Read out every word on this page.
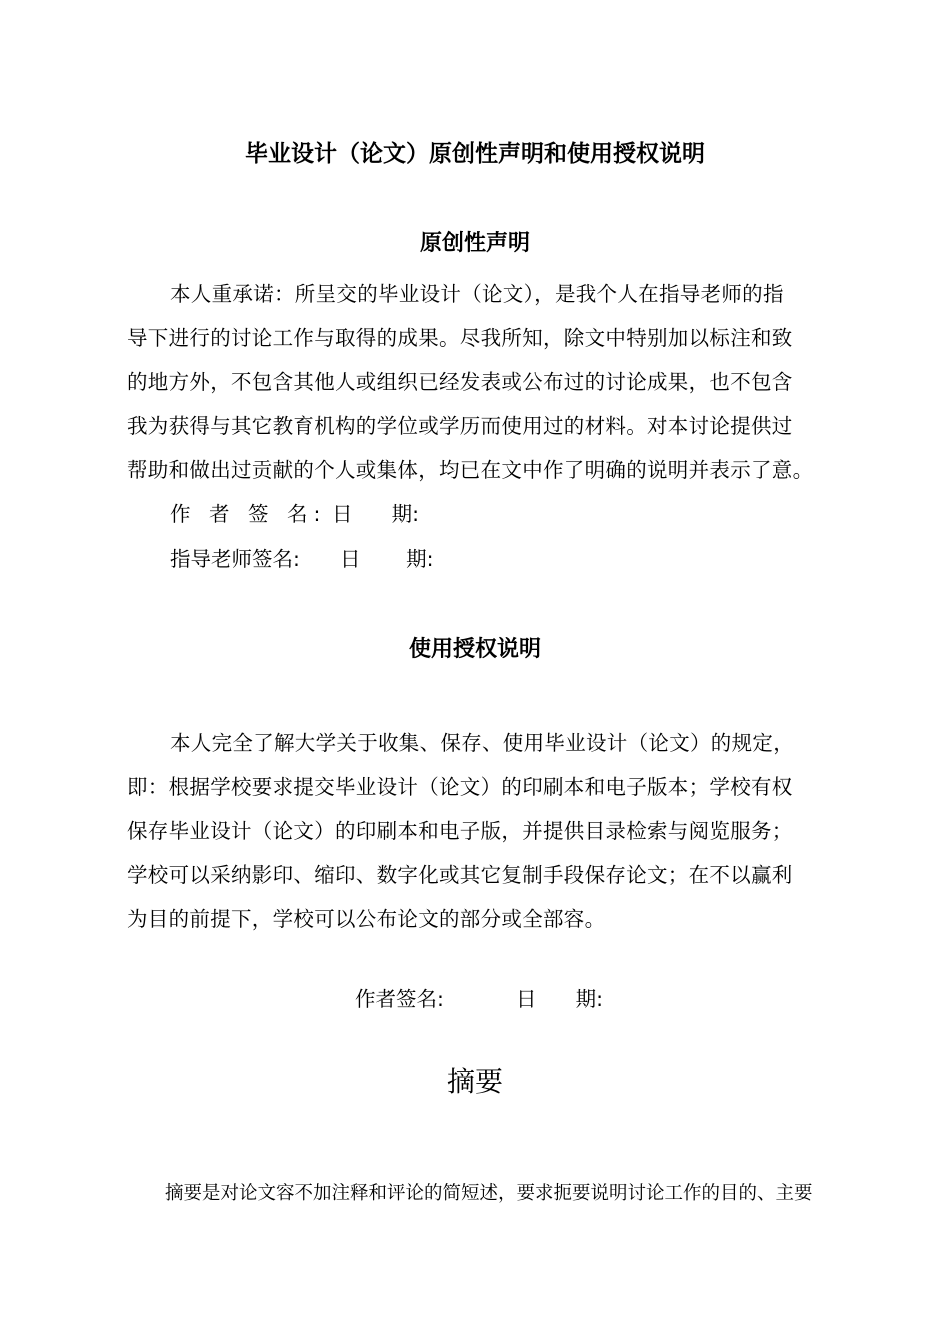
毕业设计（论文）原创性声明和使用授权说明
原创性声明
本人重承诺：所呈交的毕业设计（论文），是我个人在指导老师的指
导下进行的讨论工作与取得的成果。尽我所知，除文中特别加以标注和致
的地方外，不包含其他人或组织已经发表或公布过的讨论成果，也不包含
我为获得与其它教育机构的学位或学历而使用过的材料。对本讨论提供过
帮助和做出过贡献的个人或集体，均已在文中作了明确的说明并表示了意。
作 者 签 名: 日      期:
指导老师签名: 日       期:
使用授权说明
本人完全了解大学关于收集、保存、使用毕业设计（论文）的规定，
即：根据学校要求提交毕业设计（论文）的印刷本和电子版本；学校有权
保存毕业设计（论文）的印刷本和电子版，并提供目录检索与阅览服务；
学校可以采纳影印、缩印、数字化或其它复制手段保存论文；在不以赢利
为目的前提下，学校可以公布论文的部分或全部容。
作者签名:	日      期:
摘要
摘要是对论文容不加注释和评论的简短述，要求扼要说明讨论工作的目的、主要
